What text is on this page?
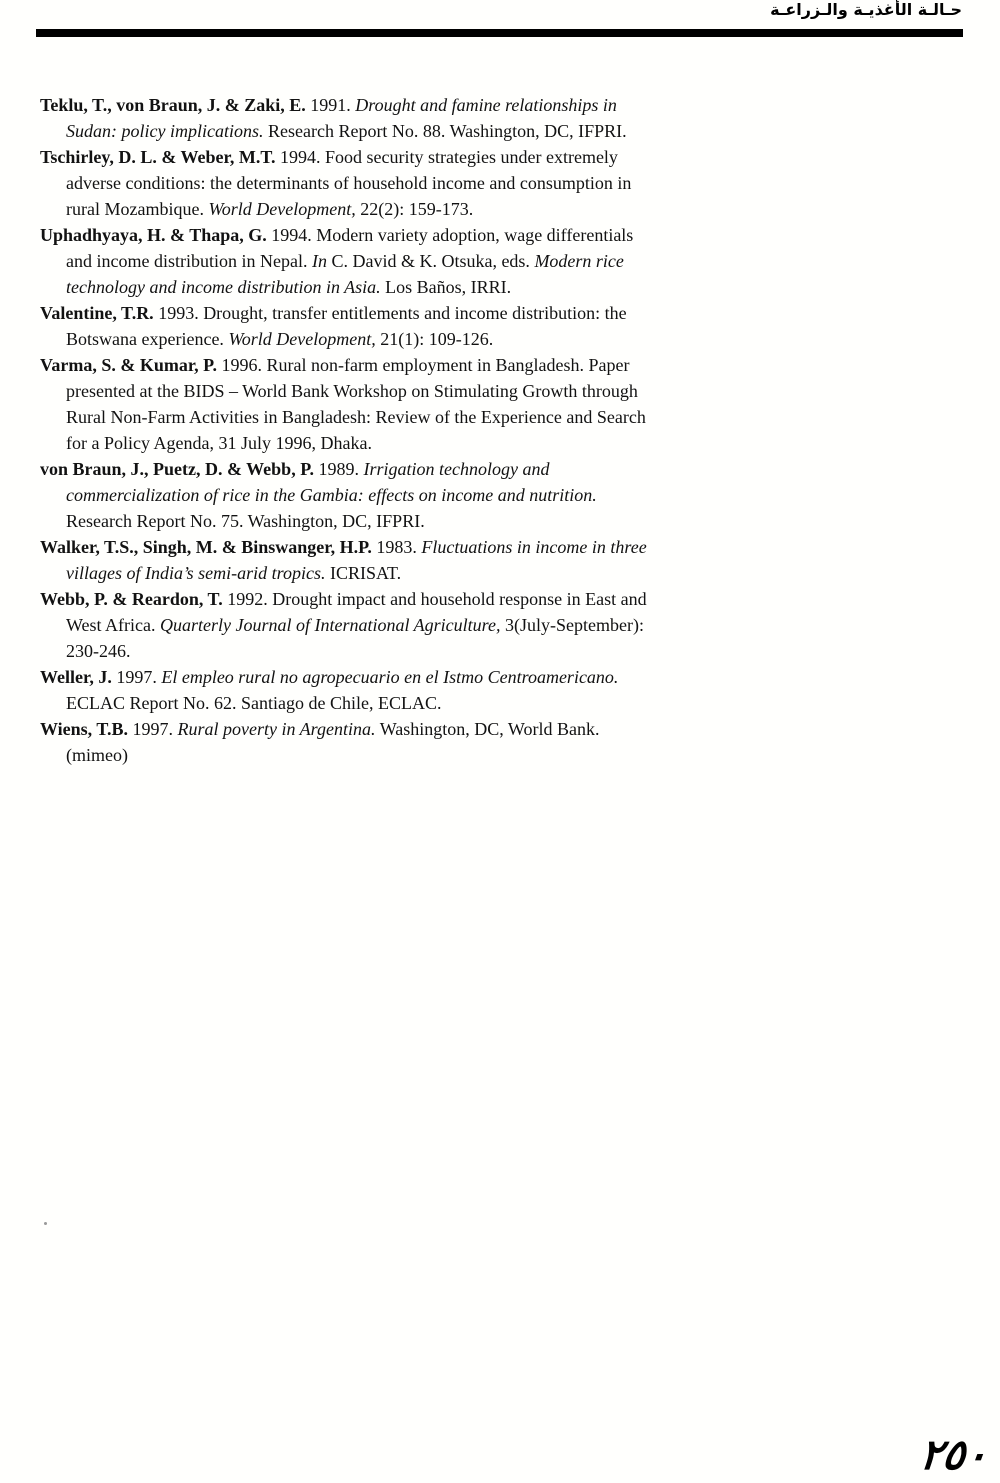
حـالـة الأغذيـة والـزراعـة

Teklu, T., von Braun, J. & Zaki, E. 1991. Drought and famine relationships in Sudan: policy implications. Research Report No. 88. Washington, DC, IFPRI.

Tschirley, D. L. & Weber, M.T. 1994. Food security strategies under extremely adverse conditions: the determinants of household income and consumption in rural Mozambique. World Development, 22(2): 159-173.

Uphadhyaya, H. & Thapa, G. 1994. Modern variety adoption, wage differentials and income distribution in Nepal. In C. David & K. Otsuka, eds. Modern rice technology and income distribution in Asia. Los Baños, IRRI.

Valentine, T.R. 1993. Drought, transfer entitlements and income distribution: the Botswana experience. World Development, 21(1): 109-126.

Varma, S. & Kumar, P. 1996. Rural non-farm employment in Bangladesh. Paper presented at the BIDS – World Bank Workshop on Stimulating Growth through Rural Non-Farm Activities in Bangladesh: Review of the Experience and Search for a Policy Agenda, 31 July 1996, Dhaka.

von Braun, J., Puetz, D. & Webb, P. 1989. Irrigation technology and commercialization of rice in the Gambia: effects on income and nutrition. Research Report No. 75. Washington, DC, IFPRI.

Walker, T.S., Singh, M. & Binswanger, H.P. 1983. Fluctuations in income in three villages of India’s semi-arid tropics. ICRISAT.

Webb, P. & Reardon, T. 1992. Drought impact and household response in East and West Africa. Quarterly Journal of International Agriculture, 3(July-September): 230-246.

Weller, J. 1997. El empleo rural no agropecuario en el Istmo Centroamericano. ECLAC Report No. 62. Santiago de Chile, ECLAC.

Wiens, T.B. 1997. Rural poverty in Argentina. Washington, DC, World Bank. (mimeo)

٢٥٠
